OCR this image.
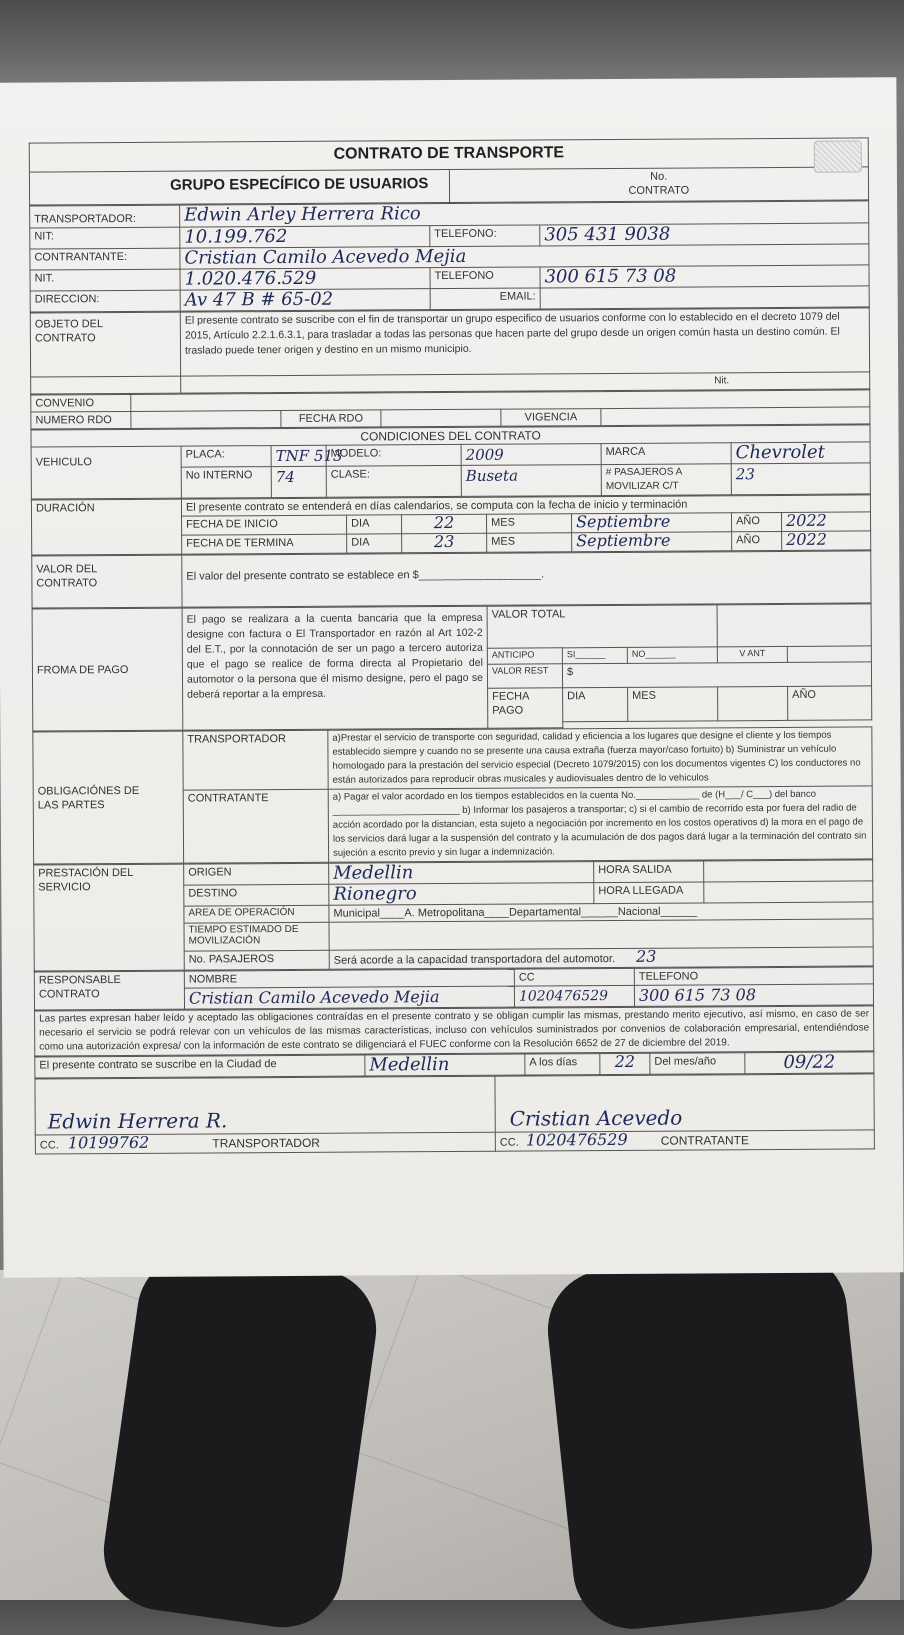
CONTRATO DE TRANSPORTE

GRUPO ESPECÍFICO DE USUARIOS	No.
CONTRATO
TRANSPORTADOR:	Edwin Arley Herrera Rico		
NIT:	10.199.762	TELEFONO:	305 431 9038
CONTRANTANTE:	Cristian Camilo Acevedo Mejia		
NIT.	1.020.476.529	TELEFONO	300 615 73 08
DIRECCION:	Av 47 B # 65-02	EMAIL:	
OBJETO DEL
CONTRATO	El presente contrato se suscribe con el fin de transportar un grupo especifico de usuarios conforme con lo establecido en el decreto 1079 del 2015, Artículo 2.2.1.6.3.1, para trasladar a todas las personas que hacen parte del grupo desde un origen común hasta un destino común. El traslado puede tener origen y destino en un mismo municipio.
	Nit.
CONVENIO					
NUMERO RDO		FECHA RDO		VIGENCIA	
CONDICIONES DEL CONTRATO						
VEHICULO	PLACA:	TNF 513	MODELO:	2009	MARCA	Chevrolet
	No INTERNO	74	CLASE:	Buseta	# PASAJEROS A MOVILIZAR C/T	23
DURACIÓN	El presente contrato se entenderá en días calendarios, se computa con la fecha de inicio y terminación						
	FECHA DE INICIO	DIA	22	MES	Septiembre	AÑO	2022
	FECHA DE TERMINA	DIA	23	MES	Septiembre	AÑO	2022
VALOR DEL
CONTRATO
	El valor del presente contrato se establece en $____________________.
FROMA DE PAGO	El pago se realizara a la cuenta bancaria que la empresa designe con factura o El Transportador en razón al Art 102-2 del E.T., por la connotación de ser un pago a tercero autoriza que el pago se realice de forma directa al Propietario del automotor o la persona que él mismo designe, pero el pago se deberá reportar a la empresa.	VALOR TOTAL				
		ANTICIPO	SI______	NO______	V ANT	
		VALOR REST	$			
		FECHA PAGO	DIA	MES		AÑO

OBLIGACIÓNES DE
LAS PARTES	TRANSPORTADOR	a)Prestar el servicio de transporte con seguridad, calidad y eficiencia a los lugares que designe el cliente y los tiempos establecido siempre y cuando no se presente una causa extraña (fuerza mayor/caso fortuito) b) Suministrar un vehículo homologado para la prestación del servicio especial (Decreto 1079/2015) con los documentos vigentes C) los conductores no están autorizados para reproducir obras musicales y audiovisuales dentro de lo vehiculos
	CONTRATANTE	a) Pagar el valor acordado en los tiempos establecidos en la cuenta No.____________ de (H___/ C___) del banco ________________________ b) Informar los pasajeros a transportar; c) si el cambio de recorrido esta por fuera del radio de acción acordado por la distancian, esta sujeto a negociación por incremento en los costos operativos d) la mora en el pago de los servicios dará lugar a la suspensión del contrato y la acumulación de dos pagos dará lugar a la terminación del contrato sin sujeción a escrito previo y sin lugar a indemnización.
PRESTACIÓN DEL
SERVICIO	ORIGEN	Medellin	HORA SALIDA	
	DESTINO	Rionegro	HORA LLEGADA	
	AREA DE OPERACIÓN	Municipal____A. Metropolitana____Departamental______Nacional______		
	TIEMPO ESTIMADO DE MOVILIZACIÓN			
	No. PASAJEROS	Será acorde a la capacidad transportadora del automotor. 23		
RESPONSABLE
CONTRATO	NOMBRE	CC	TELEFONO
	Cristian Camilo Acevedo Mejia	1020476529	300 615 73 08
Las partes expresan haber leído y aceptado las obligaciones contraídas en el presente contrato y se obligan cumplir las mismas, prestando merito ejecutivo, así mismo, en caso de ser necesario el servicio se podrá relevar con un vehículos de las mismas características, incluso con vehículos suministrados por convenios de colaboración empresarial, entendiéndose como una autorización expresa/ con la información de este contrato se diligenciará el FUEC conforme con la Resolución 6652 de 27 de diciembre del 2019.
El presente contrato se suscribe en la Ciudad de	Medellin	A los días	22	Del mes/año	09/22
Edwin Herrera R.	Cristian Acevedo

CC. 10199762 TRANSPORTADOR	CC. 1020476529 CONTRATANTE
